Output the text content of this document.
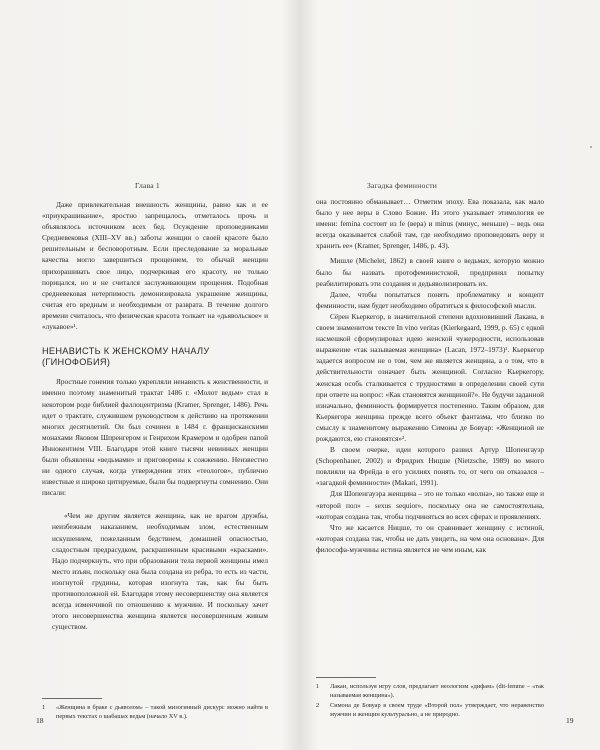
Глава 1

Даже привлекательная внешность женщины, равно как и ее «приукрашивание», яростно запрещалось, отметалось прочь и объявлялось источником всех бед. Осуждение проповедниками Средневековья (XIII–XV вв.) заботы женщин о своей красоте было решительным и бесповоротным. Если преследование за моральные качества могло завершиться прощением, то обычай женщин прихорашивать свое лицо, подчеркивая его красоту, не только порицался, но и не считался заслуживающим прощения. Подобная средневековая нетерпимость демонизировала украшение женщины, считая его вредным и необходимым от разврата. В течение долгого времени считалось, что физическая красота толкает на «дьявольское» и «лукавое»¹.

НЕНАВИСТЬ К ЖЕНСКОМУ НАЧАЛУ (ГИНОФОБИЯ)

Яростные гонения только укрепляли ненависть к женственности, и именно поэтому знаменитый трактат 1486 г. «Молот ведьм» стал в некотором роде библией фаллоцентризма (Kramer, Sprenger, 1486). Речь идет о трактате, служившем руководством к действию на протяжении многих десятилетий. Он был сочинен в 1484 г. францисканскими монахами Яковом Шпренгером и Генрихом Крамером и одобрен папой Иннокентием VIII. Благодаря этой книге тысячи невинных женщин были объявлены «ведьмами» и приговорены к сожжению. Неизвестно ни одного случая, когда утверждения этих «теологов», публично известные и широко цитируемые, были бы подвергнуты сомнению. Они писали:

«Чем же другим является женщина, как не врагом дружбы, неизбежным наказанием, необходимым злом, естественным искушением, пожеланным бедствием, домашней опасностью, сладостным предрасудком, раскрашенным красивыми «красками». Надо подчеркнуть, что при образовании тела первой женщины имел место изъян, поскольку она была создана из ребра, то есть из части, изогнутой грудины, которая изогнута так, как бы быть противоположной ей. Благодаря этому несовершенству она является всегда изменчивой по отношению к мужчине. И поскольку зачет этого несовершенства женщина является несовершенным живым существом.

1 «Женщина в браке с дьяволом» – такой мизогинный дискурс можно найти в первых текстах о шабашах ведьм (начало XV в.).
18
Загадка феминности

она постоянно обманывает… Отметим эпоху. Ева показала, как мало было у нее веры в Слово Божие. Из этого указывает этимология ее имени: femina состоит из fe (вера) и minus (минус, меньше) – ведь она всегда оказывается слабой там, где необходимо проповедовать веру и хранить ее» (Kramer, Sprenger, 1486, p. 43).

Мишле (Michelet, 1862) в своей книге о ведьмах, которую можно было бы назвать протофеминистской, предпринял попытку реабилитировать эти создания и дедьяволизировать их.

Далее, чтобы попытаться понять проблематику и концепт феминности, нам будет необходимо обратиться к философской мысли.

Сёрен Кьеркегор, в значительной степени вдохновивший Лакана, в своем знаменитом тексте In vino veritas (Kierkegaard, 1999, p. 65) с едкой насмешкой сформулировал идею женской чужеродности, использовав выражение «так называемая женщина» (Lacan, 1972–1973)¹. Кьеркегор задается вопросом не о том, чем же является женщина, а о том, что в действительности означает быть женщиной. Согласно Кьеркегору, женская особь сталкивается с трудностями в определении своей сути при ответе на вопрос: «Как становятся женщиной?». Не будучи заданной изначально, феминность формируется постепенно. Таким образом, для Кьеркегора женщина прежде всего объект фантазма, что близко по смыслу к знаменитому выражению Симоны де Бовуар: «Женщиной не рождаются, ею становятся»².

В своем очерке, идеи которого развил Артур Шопенгауэр (Schopenhauer, 2002) и Фридрих Ницше (Nietzsche, 1989) во много повлияли на Фрейда в его усилиях понять то, от чего он отказался – «загадкой феминности» (Makari, 1991).

Для Шопенгауэра женщина – это не только «волна», но также еще и «второй пол» – sexus sequior», поскольку она не самостоятельна, «которая создана так, чтобы подчиняться во всех сферах и проявлениях.

Что же касается Ницше, то он сравнивает женщину с истиной, «которая создана так, чтобы не дать увидеть, на чем она основана». Для философа-мужчины истина является не чем иным, как

1 Лакан, используя игру слов, предлагает неологизм «дифам» (dit-femme – «так называемая женщина»).
2 Симона де Бовуар в своем труде «Второй пол» утверждает, что неравенство мужчин и женщин культурально, а не природно.
19
